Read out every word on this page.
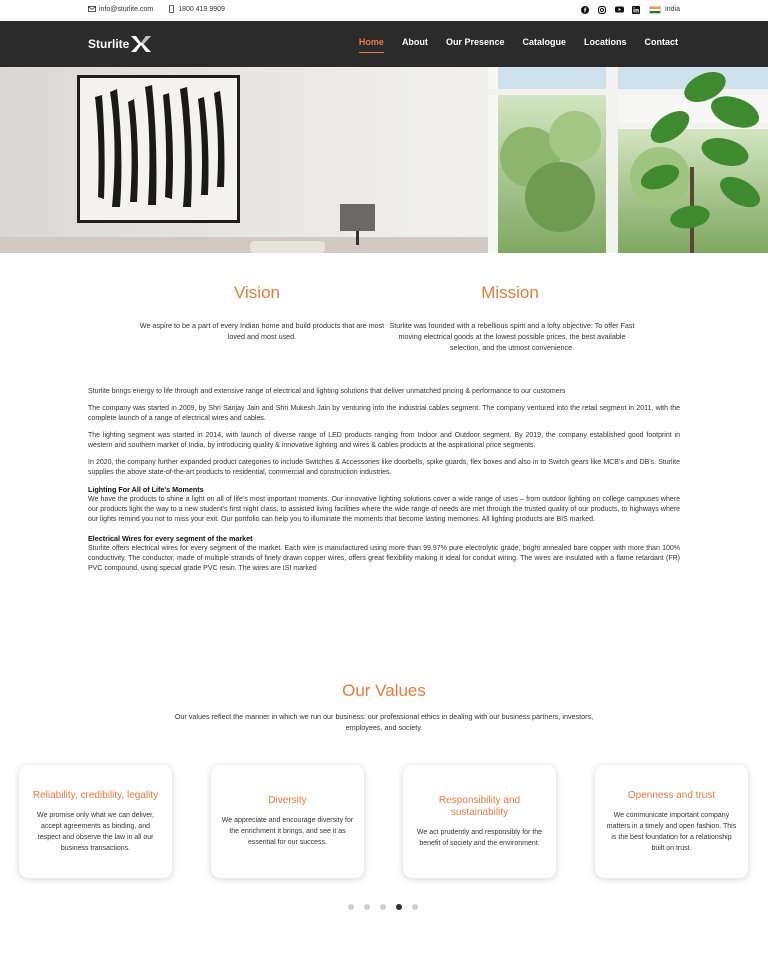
info@sturlite.com	1800 419 9909	India
Sturlite	Home About Our Presence Catalogue Locations Contact
Vision
We aspire to be a part of every Indian home and build products that are most loved and most used.
Mission
Sturlite was founded with a rebellious spirit and a lofty objective: To offer Fast moving electrical goods at the lowest possible prices, the best available selection, and the utmost convenience.

Sturlite brings energy to life through and extensive range of electrical and lighting solutions that deliver unmatched pricing & performance to our customers

The company was started in 2009, by Shri Sanjay Jain and Shri Mukesh Jain by venturing into the industrial cables segment. The company ventured into the retail segment in 2011, with the complete launch of a range of electrical wires and cables.

The lighting segment was started in 2014, with launch of diverse range of LED products ranging from Indoor and Outdoor segment. By 2019, the company established good footprint in western and southern market of India, by introducing quality & innovative lighting and wires & cables products at the aspirational price segments.

In 2020, the company further expanded product categories to include Switches & Accessories like doorbells, spike guards, flex boxes and also in to Switch gears like MCB's and DB's. Sturlite supplies the above state-of-the-art products to residential, commercial and construction industries.

Lighting For All of Life's Moments

We have the products to shine a light on all of life's most important moments. Our innovative lighting solutions cover a wide range of uses – from outdoor lighting on college campuses where our products light the way to a new student's first night class, to assisted living facilities where the wide range of needs are met through the trusted quality of our products, to highways where our lights remind you not to miss your exit. Our portfolio can help you to illuminate the moments that become lasting memories. All lighting products are BIS marked.

Electrical Wires for every segment of the market

Sturlite offers electrical wires for every segment of the market. Each wire is manufactured using more than 99.97% pure electrolytic grade, bright annealed bare copper with more than 100% conductivity. The conductor, made of multiple strands of finely drawn copper wires, offers great flexibility making it ideal for conduit wiring. The wires are insulated with a flame retardant (FR) PVC compound, using special grade PVC resin. The wires are ISI marked

Our Values
Our values reflect the manner in which we run our business: our professional ethics in dealing with our business partners, investors, employees, and society.
Reliability, credibility, legality
We promise only what we can deliver, accept agreements as binding, and respect and observe the law in all our business transactions.
Diversity
We appreciate and encourage diversity for the enrichment it brings, and see it as essential for our success.
Responsibility and sustainability
We act prudently and responsibly for the benefit of society and the environment.
Openness and trust
We communicate important company matters in a timely and open fashion. This is the best foundation for a relationship built on trust.
